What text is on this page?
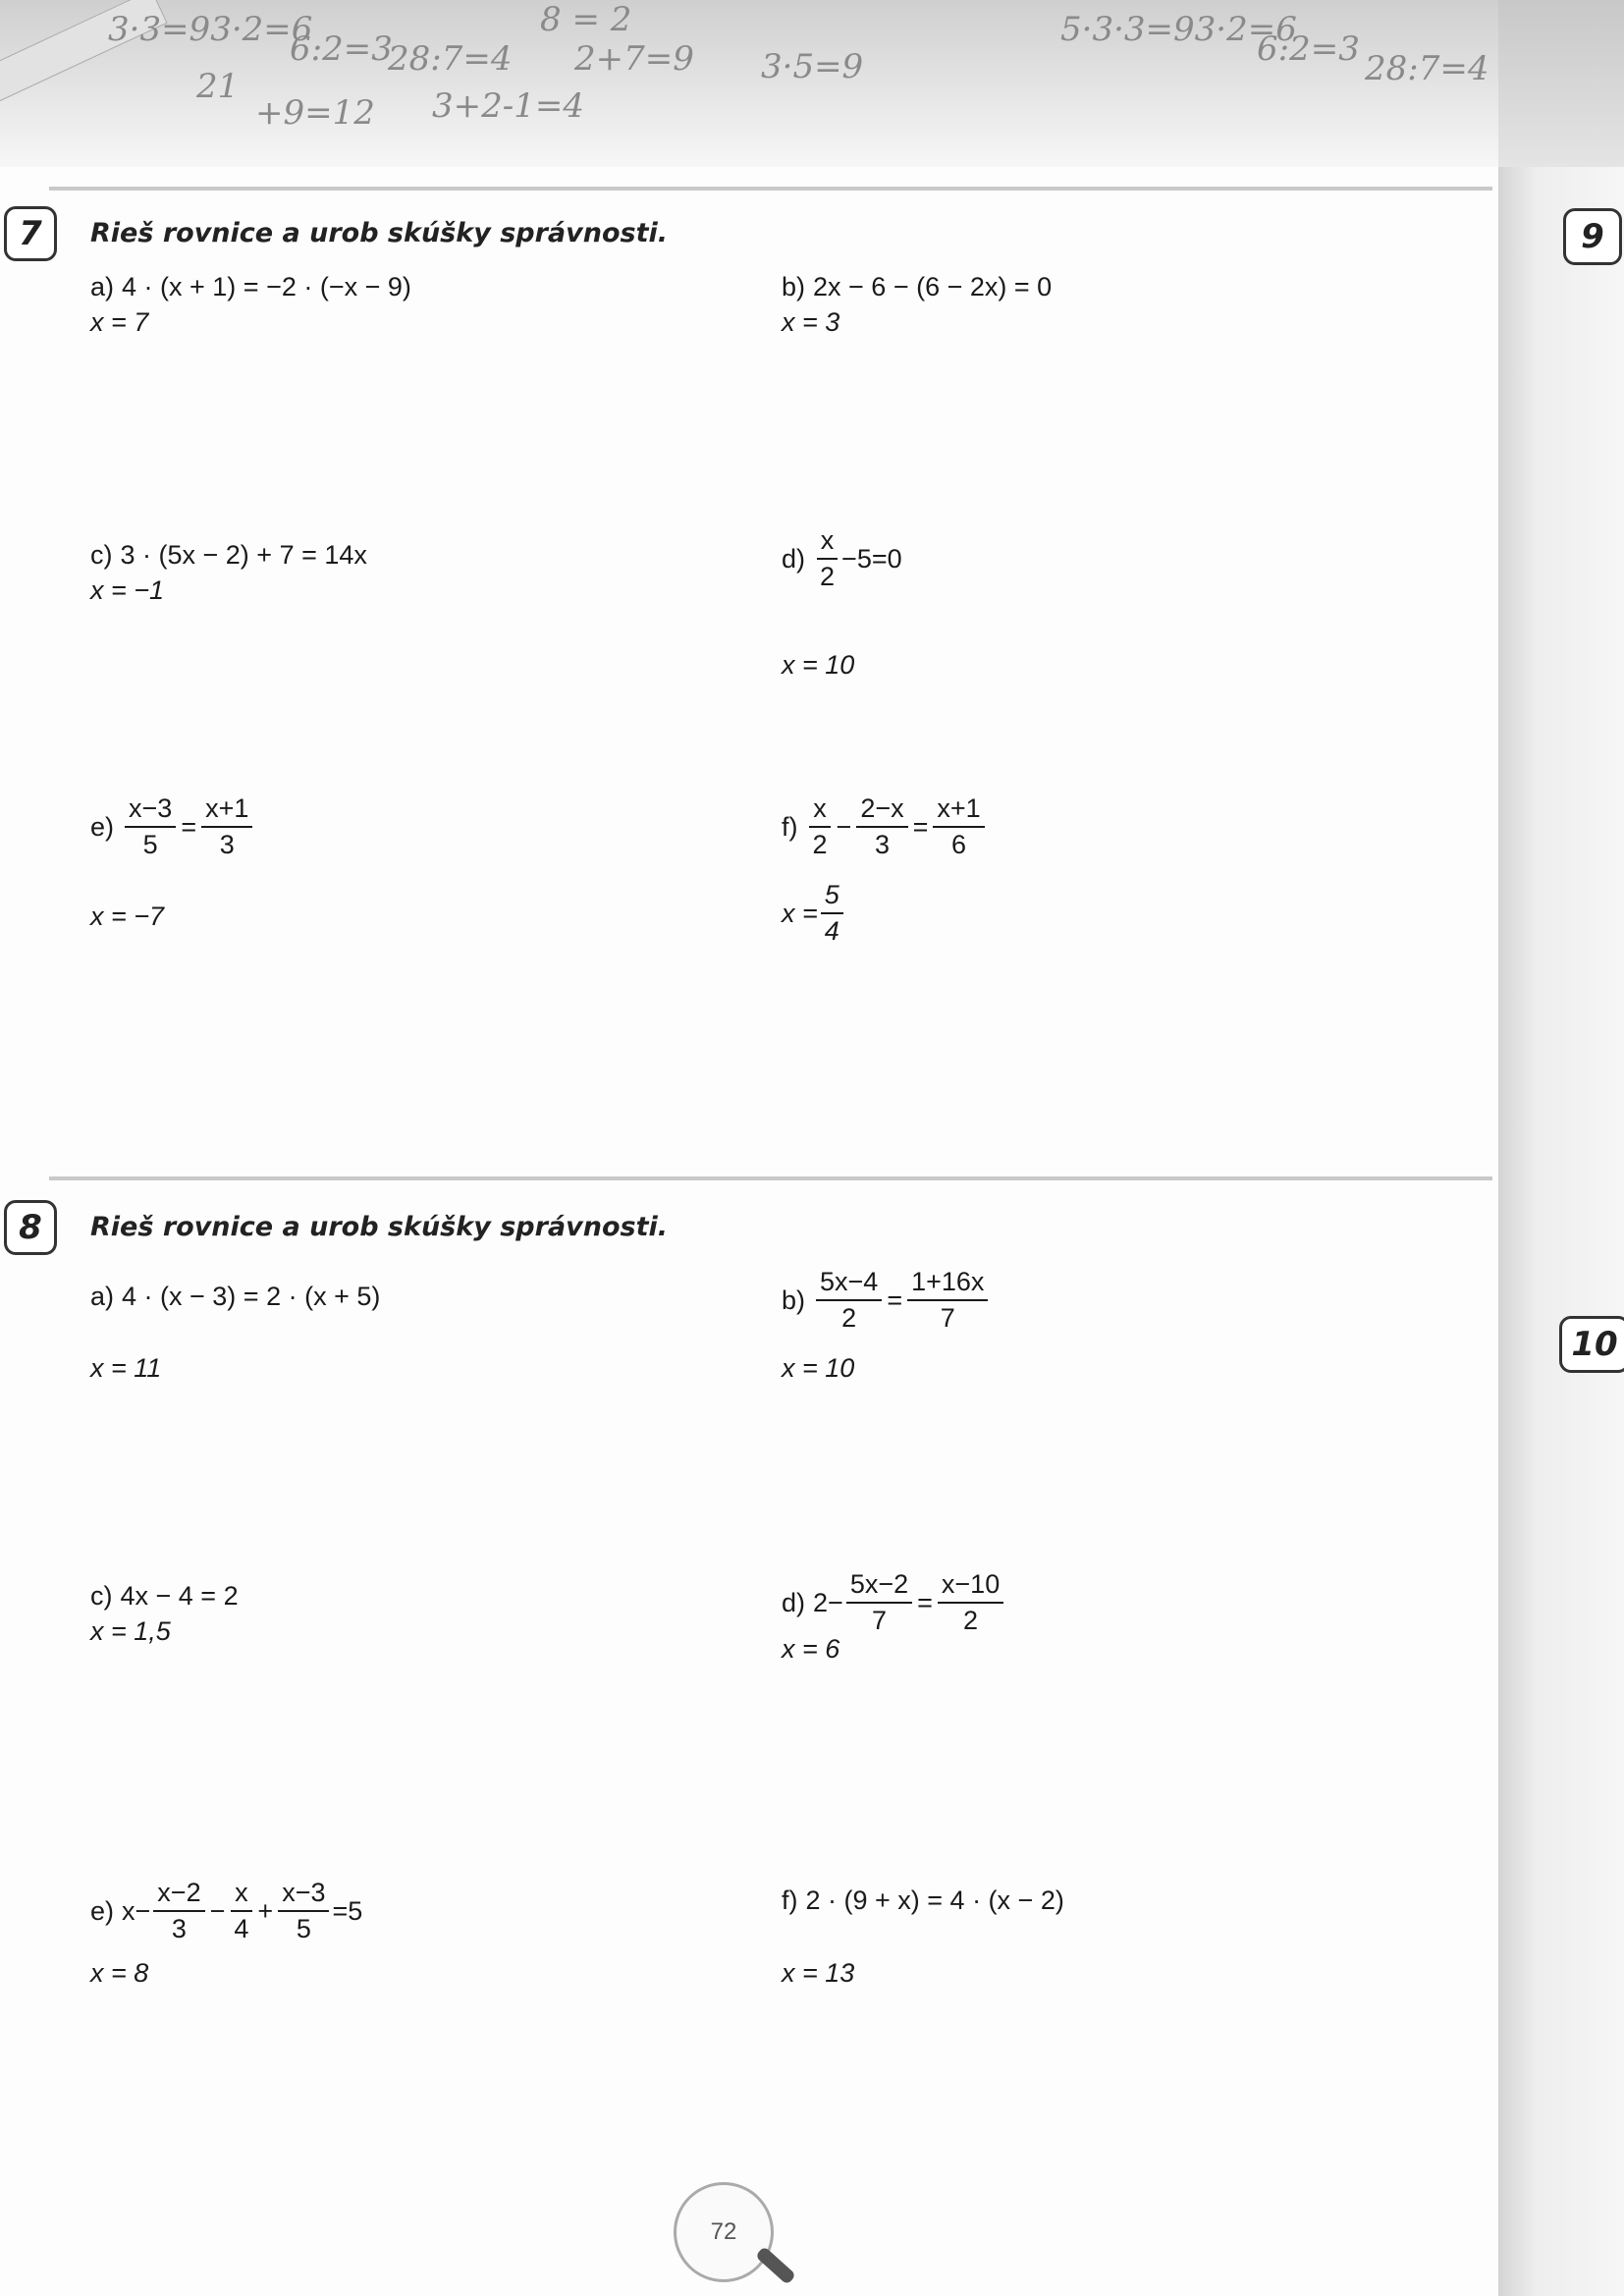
3·3=93·2=6
6:2=3
28:7=4 2+7=9 3·5=9
21
+9=12 3+2-1=4
8 = 2	5·3·3=93·2=6
6:2=3 28:7=4
9
10
7	Rieš rovnice a urob skúšky správnosti.
a) 4 · (x + 1) = −2 · (−x − 9)
x = 7
b) 2x − 6 − (6 − 2x) = 0
x = 3
c) 3 · (5x − 2) + 7 = 14x
x = −1
$d) \frac{x}{2} -5=0$
x = 10
$e) \frac{x-3}{5} = \frac{x+1}{3}$
x = −7
$f) \frac{x}{2} - \frac{2-x}{3} = \frac{x+1}{6}$
$x = \frac{5}{4}$
8	Rieš rovnice a urob skúšky správnosti.
a) 4 · (x − 3) = 2 · (x + 5)
x = 11
$b) \frac{5x-4}{2} = \frac{1+16x}{7}$
x = 10
c) 4x − 4 = 2
x = 1,5
d) $2- \frac{5x-2}{7} = \frac{x-10}{2}$
x = 6
e) $x- \frac{x-2}{3} - \frac{x}{4} + \frac{x-3}{5} =5$
x = 8
f) 2 · (9 + x) = 4 · (x − 2)
x = 13
72
